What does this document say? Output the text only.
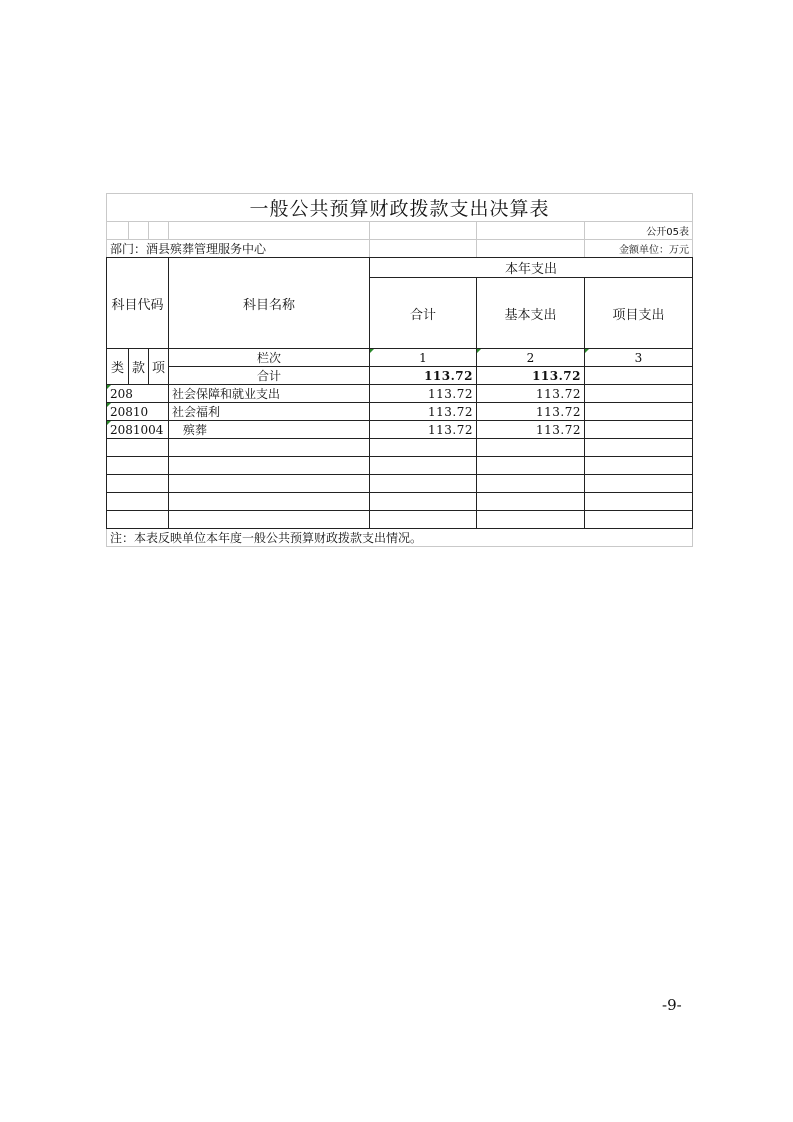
一般公共预算财政拨款支出决算表						
						公开05表
部门：酒县殡葬管理服务中心						金额单位：万元
科目代码			科目名称	本年支出		
				合计	基本支出	项目支出
类	款	项	栏次	1	2	3
			合计	113.72	113.72	
208			社会保障和就业支出	113.72	113.72	
20810			社会福利	113.72	113.72	
2081004			殡葬	113.72	113.72	

注：本表反映单位本年度一般公共预算财政拨款支出情况。						
-9-
